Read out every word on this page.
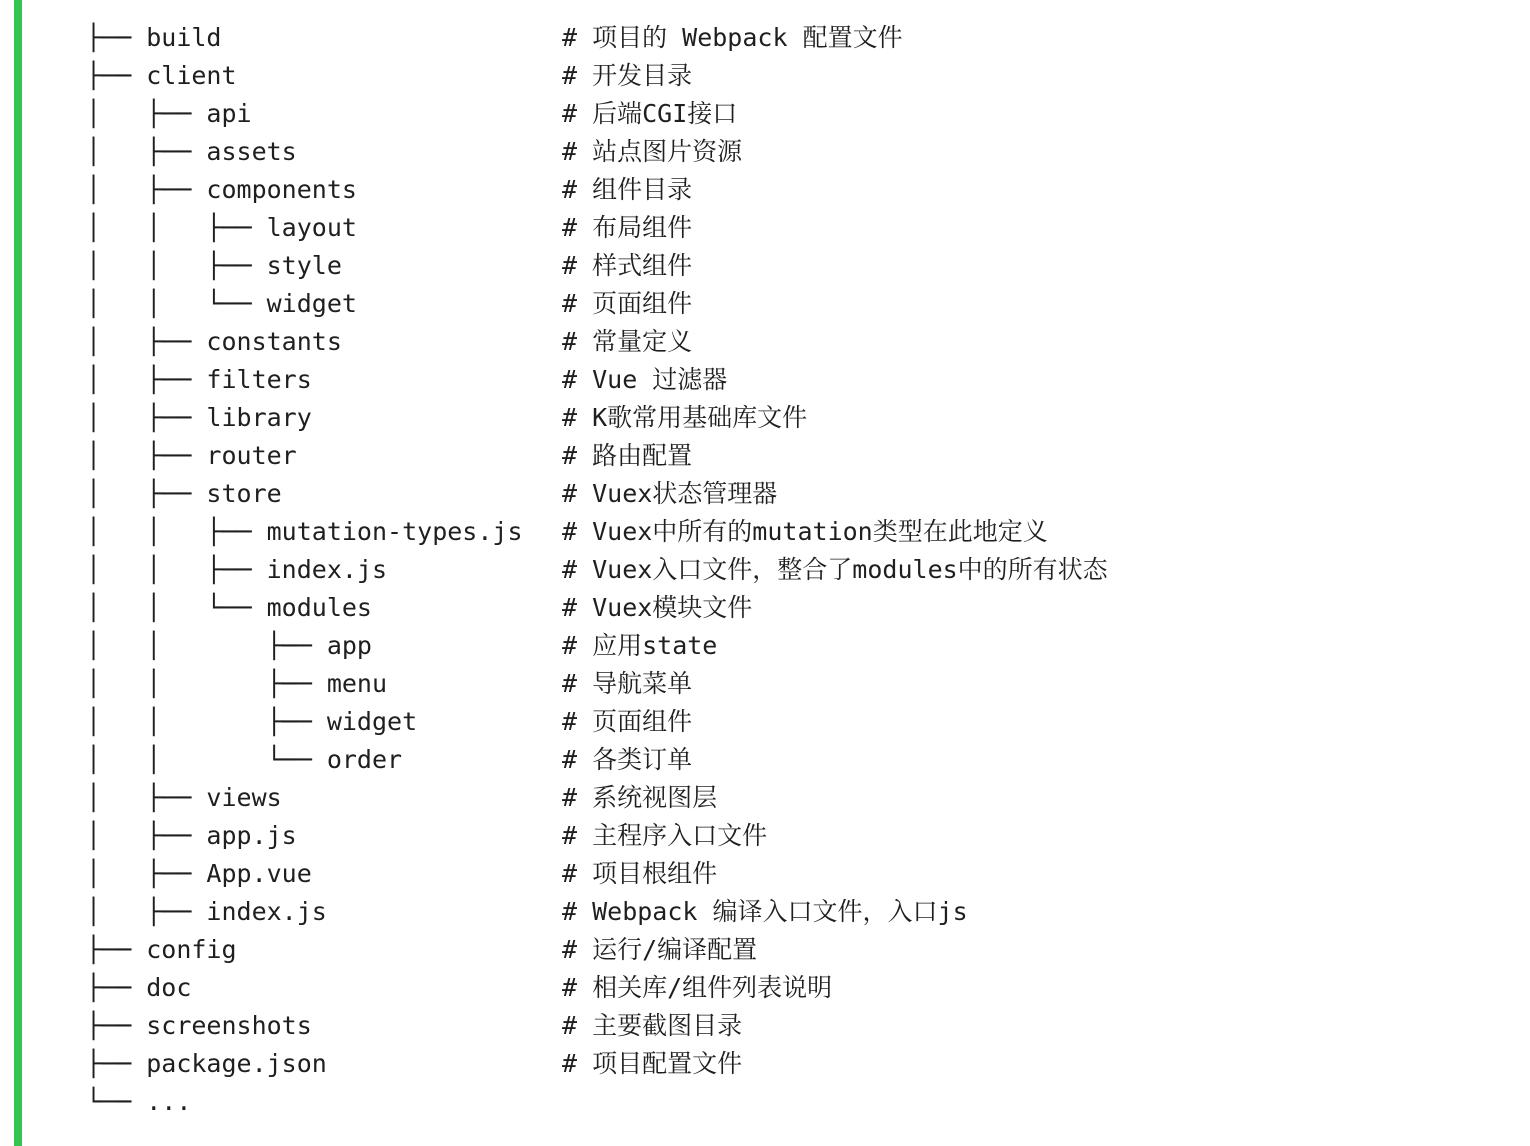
├── build	# 项目的 Webpack 配置文件
├── client	# 开发目录
│   ├── api	# 后端CGI接口
│   ├── assets	# 站点图片资源
│   ├── components	# 组件目录
│   │   ├── layout	# 布局组件
│   │   ├── style	# 样式组件
│   │   └── widget	# 页面组件
│   ├── constants	# 常量定义
│   ├── filters	# Vue 过滤器
│   ├── library	# K歌常用基础库文件
│   ├── router	# 路由配置
│   ├── store	# Vuex状态管理器
│   │   ├── mutation-types.js # Vuex中所有的mutation类型在此地定义
│   │   ├── index.js	# Vuex入口文件，整合了modules中的所有状态
│   │   └── modules	# Vuex模块文件
│   │       ├── app	# 应用state
│   │       ├── menu	# 导航菜单
│   │       ├── widget	# 页面组件
│   │       └── order	# 各类订单
│   ├── views	# 系统视图层
│   ├── app.js	# 主程序入口文件
│   ├── App.vue	# 项目根组件
│   ├── index.js	# Webpack 编译入口文件，入口js
├── config	# 运行/编译配置
├── doc	# 相关库/组件列表说明
├── screenshots	# 主要截图目录
├── package.json	# 项目配置文件
└── ...
